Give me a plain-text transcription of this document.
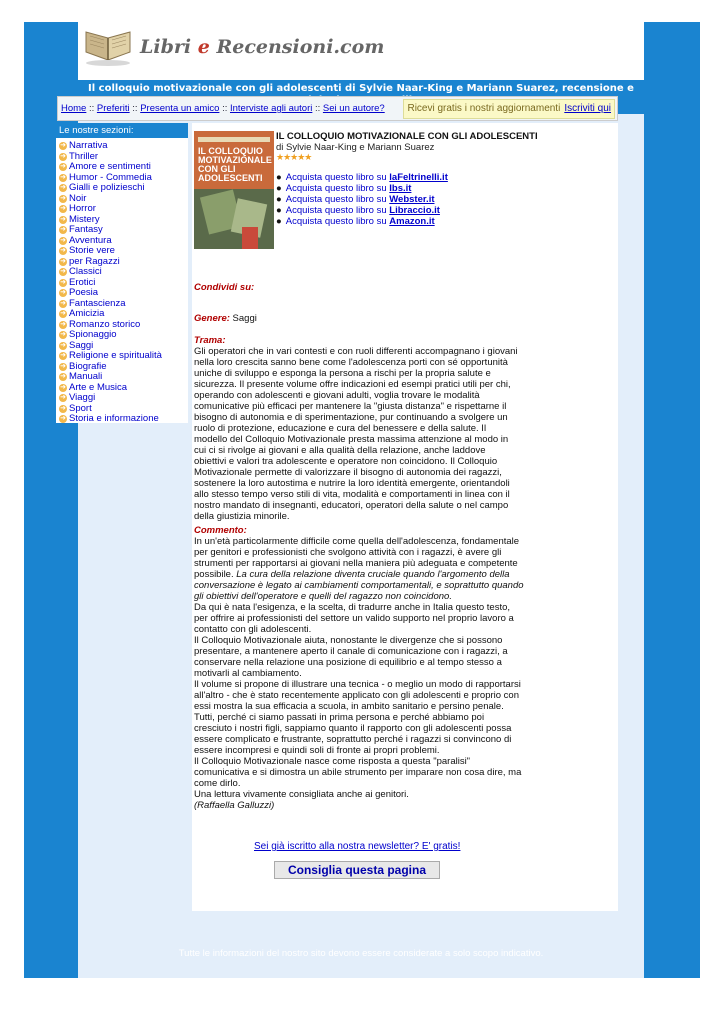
Libri e Recensioni.com
Il colloquio motivazionale con gli adolescenti di Sylvie Naar-King e Mariann Suarez, recensione e
Home :: Preferiti :: Presenta un amico :: Interviste agli autori :: Sei un autore?	Ricevi gratis i nostri aggiornamenti Iscriviti qui
Le nostre sezioni:
➜ Narrativa
➜ Thriller
➜ Amore e sentimenti
➜ Humor - Commedia
➜ Gialli e polizieschi
➜ Noir
➜ Horror
➜ Mistery
➜ Fantasy
➜ Avventura
➜ Storie vere
➜ per Ragazzi
➜ Classici
➜ Erotici
➜ Poesia
➜ Fantascienza
➜ Amicizia
➜ Romanzo storico
➜ Spionaggio
➜ Saggi
➜ Religione e spiritualità
➜ Biografie
➜ Manuali
➜ Arte e Musica
➜ Viaggi
➜ Sport
➜ Storia e informazione
IL COLLOQUIO MOTIVAZIONALE CON GLI ADOLESCENTI
IL COLLOQUIO MOTIVAZIONALE CON GLI ADOLESCENTI
di Sylvie Naar-King e Mariann Suarez
★★★★★
● Acquista questo libro su laFeltrinelli.it
● Acquista questo libro su Ibs.it
● Acquista questo libro su Webster.it
● Acquista questo libro su Libraccio.it
● Acquista questo libro su Amazon.it
Condividi su:
Genere: Saggi
Trama:
Gli operatori che in vari contesti e con ruoli differenti accompagnano i giovani nella loro crescita sanno bene come l'adolescenza porti con sé opportunità uniche di sviluppo e esponga la persona a rischi per la propria salute e sicurezza. Il presente volume offre indicazioni ed esempi pratici utili per chi, operando con adolescenti e giovani adulti, voglia trovare le modalità comunicative più efficaci per mantenere la "giusta distanza" e rispettarne il bisogno di autonomia e di sperimentazione, pur continuando a svolgere un ruolo di protezione, educazione e cura del benessere e della salute. Il modello del Colloquio Motivazionale presta massima attenzione al modo in cui ci si rivolge ai giovani e alla qualità della relazione, anche laddove obiettivi e valori tra adolescente e operatore non coincidono. Il Colloquio Motivazionale permette di valorizzare il bisogno di autonomia dei ragazzi, sostenere la loro autostima e nutrire la loro identità emergente, orientandoli allo stesso tempo verso stili di vita, modalità e comportamenti in linea con il nostro mandato di insegnanti, educatori, operatori della salute o nel campo della giustizia minorile.
Commento:
In un'età particolarmente difficile come quella dell'adolescenza, fondamentale per genitori e professionisti che svolgono attività con i ragazzi, è avere gli strumenti per rapportarsi ai giovani nella maniera più adeguata e competente possibile. La cura della relazione diventa cruciale quando l'argomento della conversazione è legato ai cambiamenti comportamentali, e soprattutto quando gli obiettivi dell'operatore e quelli del ragazzo non coincidono.
Da qui è nata l'esigenza, e la scelta, di tradurre anche in Italia questo testo, per offrire ai professionisti del settore un valido supporto nel proprio lavoro a contatto con gli adolescenti.
Il Colloquio Motivazionale aiuta, nonostante le divergenze che si possono presentare, a mantenere aperto il canale di comunicazione con i ragazzi, a conservare nella relazione una posizione di equilibrio e al tempo stesso a motivarli al cambiamento.
Il volume si propone di illustrare una tecnica - o meglio un modo di rapportarsi all'altro - che è stato recentemente applicato con gli adolescenti e proprio con essi mostra la sua efficacia a scuola, in ambito sanitario e persino penale.
Tutti, perché ci siamo passati in prima persona e perché abbiamo poi cresciuto i nostri figli, sappiamo quanto il rapporto con gli adolescenti possa essere complicato e frustrante, soprattutto perché i ragazzi si convincono di essere incompresi e quindi soli di fronte ai propri problemi.
Il Colloquio Motivazionale nasce come risposta a questa "paralisi" comunicativa e si dimostra un abile strumento per imparare non cosa dire, ma come dirlo.
Una lettura vivamente consigliata anche ai genitori.
(Raffaella Galluzzi)
Sei già iscritto alla nostra newsletter? E' gratis!
Consiglia questa pagina
Tutte le informazioni del nostro sito devono essere considerate a solo scopo indicativo.
